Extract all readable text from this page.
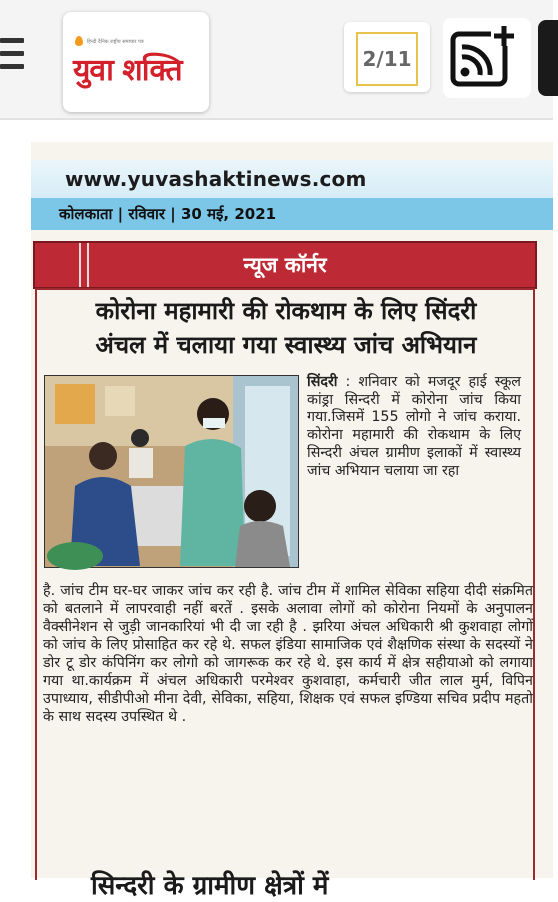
हिन्दी दैनिक राष्ट्रीय समाचार पत्र
युवा शक्ति	2/11
www.yuvashaktinews.com
कोलकाता | रविवार | 30 मई, 2021
न्यूज कॉर्नर
कोरोना महामारी की रोकथाम के लिए सिंदरी
अंचल में चलाया गया स्वास्थ्य जांच अभियान
सिंदरी : शनिवार को मजदूर हाई स्कूल कांड्रा सिन्दरी में कोरोना जांच किया गया.जिसमें 155 लोगो ने जांच कराया. कोरोना महामारी की रोकथाम के लिए सिन्दरी अंचल ग्रामीण इलाकों में स्वास्थ्य जांच अभियान चलाया जा रहा
है. जांच टीम घर-घर जाकर जांच कर रही है. जांच टीम में शामिल सेविका सहिया दीदी संक्रमित को बतलाने में लापरवाही नहीं बरतें . इसके अलावा लोगों को कोरोना नियमों के अनुपालन वैक्सीनेशन से जुड़ी जानकारियां भी दी जा रही है . झरिया अंचल अधिकारी श्री कुशवाहा लोगों को जांच के लिए प्रोसाहित कर रहे थे. सफल इंडिया सामाजिक एवं शैक्षणिक संस्था के सदस्यों ने डोर टू डोर कंपिनिंग कर लोगो को जागरूक कर रहे थे. इस कार्य में क्षेत्र सहीयाओ को लगाया गया था.कार्यक्रम में अंचल अधिकारी परमेश्वर कुशवाहा, कर्मचारी जीत लाल मुर्म, विपिन उपाध्याय, सीडीपीओ मीना देवी, सेविका, सहिया, शिक्षक एवं सफल इण्डिया सचिव प्रदीप महतो के साथ सदस्य उपस्थित थे .
सिन्दरी के ग्रामीण क्षेत्रों में
